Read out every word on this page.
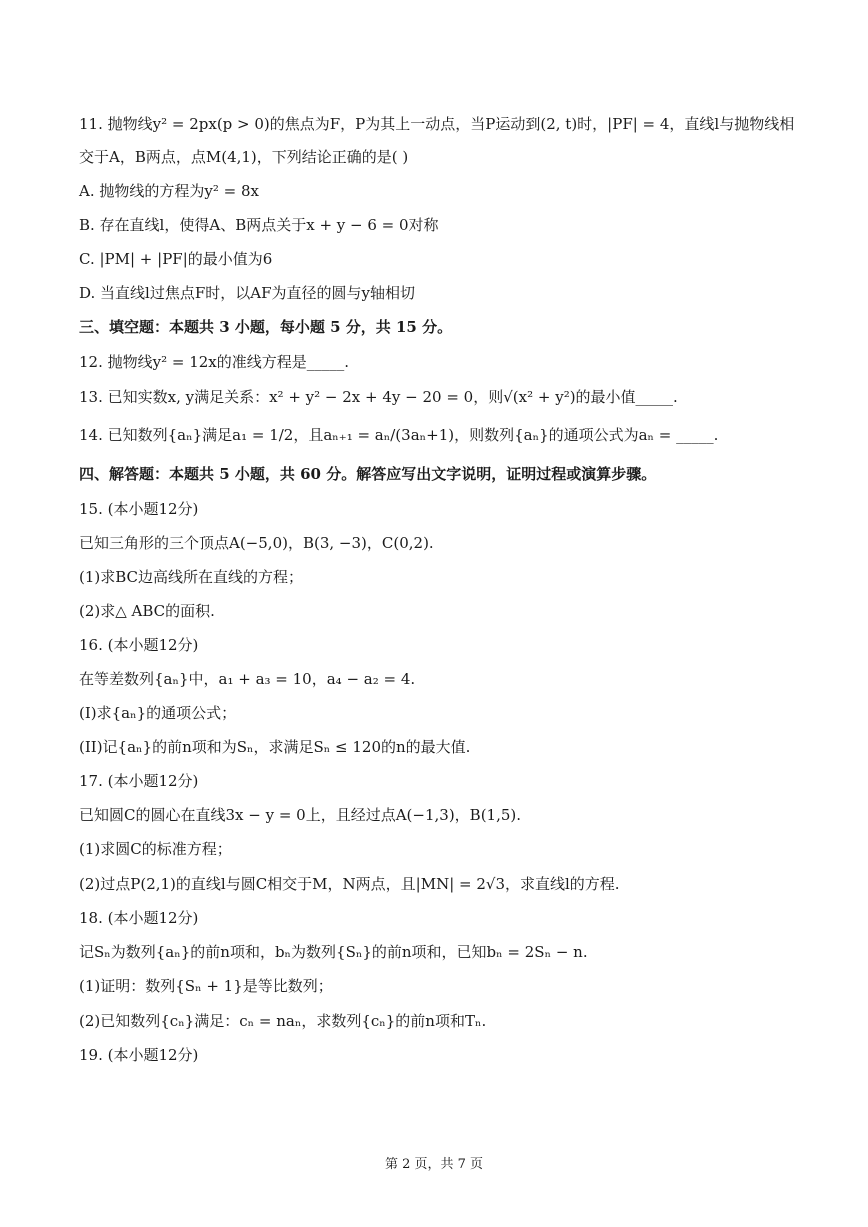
11. 抛物线y² = 2px(p > 0)的焦点为F，P为其上一动点，当P运动到(2, t)时，|PF| = 4，直线l与抛物线相
交于A，B两点，点M(4,1)，下列结论正确的是( )
A. 抛物线的方程为y² = 8x
B. 存在直线l，使得A、B两点关于x + y − 6 = 0对称
C. |PM| + |PF|的最小值为6
D. 当直线l过焦点F时，以AF为直径的圆与y轴相切
三、填空题：本题共 3 小题，每小题 5 分，共 15 分。
12. 抛物线y² = 12x的准线方程是_____.
13. 已知实数x, y满足关系：x² + y² − 2x + 4y − 20 = 0，则√(x² + y²)的最小值_____.
14. 已知数列{aₙ}满足a₁ = 1/2，且aₙ₊₁ = aₙ/(3aₙ+1)，则数列{aₙ}的通项公式为aₙ = _____.
四、解答题：本题共 5 小题，共 60 分。解答应写出文字说明，证明过程或演算步骤。
15. (本小题12分)
已知三角形的三个顶点A(−5,0)，B(3, −3)，C(0,2).
(1)求BC边高线所在直线的方程；
(2)求△ ABC的面积.
16. (本小题12分)
在等差数列{aₙ}中，a₁ + a₃ = 10，a₄ − a₂ = 4.
(I)求{aₙ}的通项公式；
(II)记{aₙ}的前n项和为Sₙ，求满足Sₙ ≤ 120的n的最大值.
17. (本小题12分)
已知圆C的圆心在直线3x − y = 0上，且经过点A(−1,3)，B(1,5).
(1)求圆C的标准方程；
(2)过点P(2,1)的直线l与圆C相交于M，N两点，且|MN| = 2√3，求直线l的方程.
18. (本小题12分)
记Sₙ为数列{aₙ}的前n项和，bₙ为数列{Sₙ}的前n项和，已知bₙ = 2Sₙ − n.
(1)证明：数列{Sₙ + 1}是等比数列；
(2)已知数列{cₙ}满足：cₙ = naₙ，求数列{cₙ}的前n项和Tₙ.
19. (本小题12分)
第 2 页，共 7 页
